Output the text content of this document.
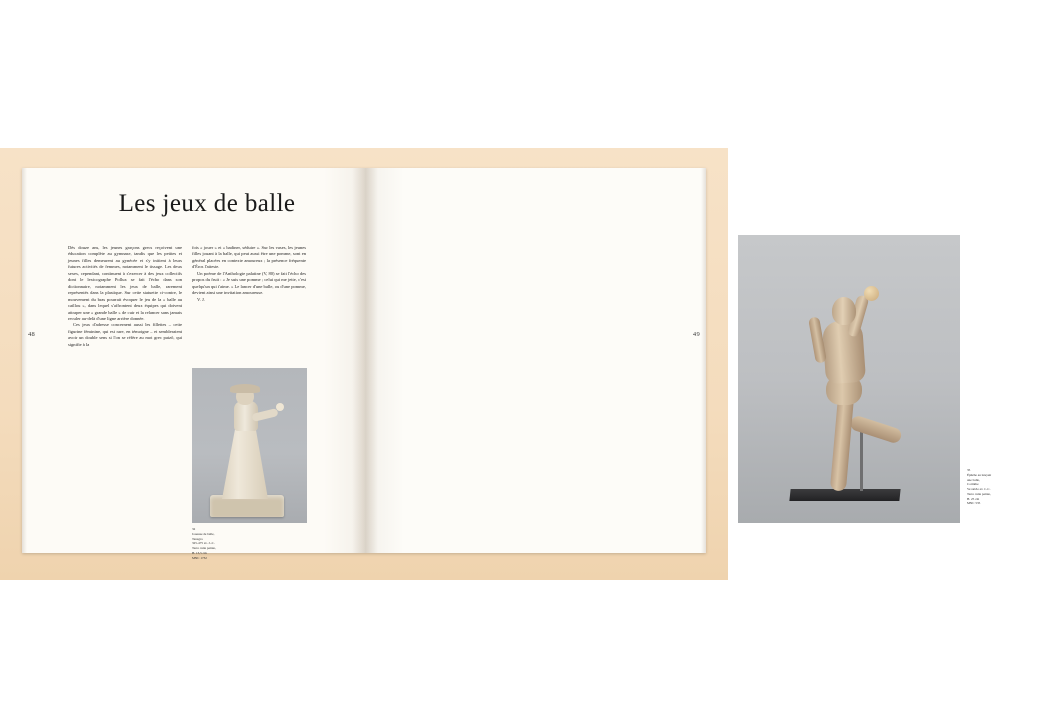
Les jeux de balle
48

Dès douze ans, les jeunes garçons grecs reçoivent une éducation complète au gymnase, tandis que les petites et jeunes filles demeurent au gynécée et s'y initient à leurs futures activités de femmes, notamment le tissage. Les deux sexes, cependant, continuent à s'exercer à des jeux collectifs dont le lexicographe Pollux se fait l'écho dans son dictionnaire, notamment les jeux de balle, rarement représentés dans la plastique. Sur cette statuette ci-contre, le mouvement du bras pourrait évoquer le jeu de la « balle au caillou », dans lequel s'affrontent deux équipes qui doivent attraper une « grande balle » de cuir et la relancer sans jamais reculer au-delà d'une ligne arrière donnée.

Ces jeux d'adresse concernent aussi les fillettes – cette figurine féminine, qui est rare, en témoigne – et sembleraient avoir un double sens si l'on se réfère au mot grec paizô, qui signifie à la

fois « jouer » et « badiner, séduire ». Sur les vases, les jeunes filles jouant à la balle, qui peut aussi être une pomme, sont en général placées en contexte amoureux ; la présence fréquente d'Éros l'atteste.

Un poème de l'Anthologie palatine (V, 80) se fait l'écho des propos du fruit : « Je suis une pomme ; celui qui me jette, c'est quelqu'un qui t'aime. » Le lancer d'une balle, ou d'une pomme, devient ainsi une invitation amoureuse.

V. J.

32
Joueuse de balle,
Tanagra
325-475 av. J.-C.
Terre cuite peinte,
H. 13,5 cm
MNC 1732
49
35
Éphèbe au lançant
une balle,
Corinthe
Ve siècle av. J.-C.
Terre cuite peinte,
H. 25 cm
MNC 535
